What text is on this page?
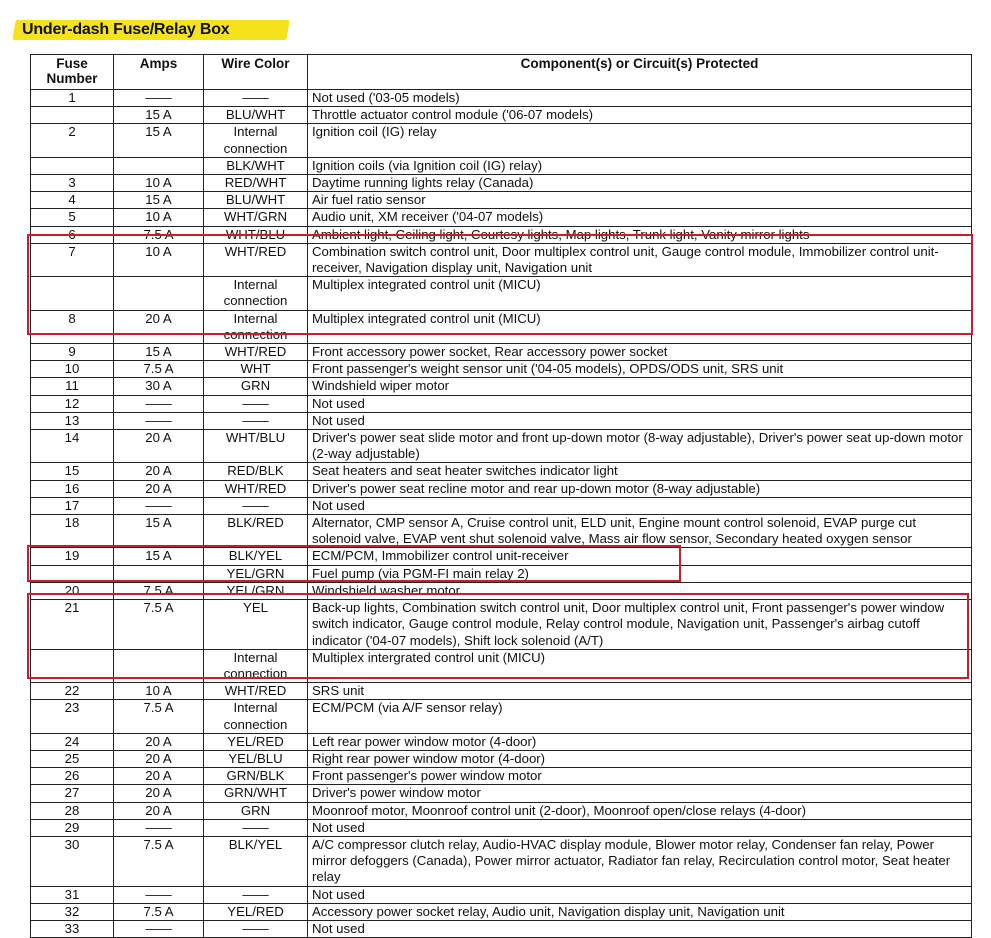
Under-dash Fuse/Relay Box
Fuse Number	Amps	Wire Color	Component(s) or Circuit(s) Protected
1	——	——	Not used ('03-05 models)
	15 A	BLU/WHT	Throttle actuator control module ('06-07 models)
2	15 A	Internal connection	Ignition coil (IG) relay
		BLK/WHT	Ignition coils (via Ignition coil (IG) relay)
3	10 A	RED/WHT	Daytime running lights relay (Canada)
4	15 A	BLU/WHT	Air fuel ratio sensor
5	10 A	WHT/GRN	Audio unit, XM receiver ('04-07 models)
6	7.5 A	WHT/BLU	Ambient light, Ceiling light, Courtesy lights, Map lights, Trunk light, Vanity mirror lights
7	10 A	WHT/RED	Combination switch control unit, Door multiplex control unit, Gauge control module, Immobilizer control unit-receiver, Navigation display unit, Navigation unit
		Internal connection	Multiplex integrated control unit (MICU)
8	20 A	Internal connection	Multiplex integrated control unit (MICU)
9	15 A	WHT/RED	Front accessory power socket, Rear accessory power socket
10	7.5 A	WHT	Front passenger's weight sensor unit ('04-05 models), OPDS/ODS unit, SRS unit
11	30 A	GRN	Windshield wiper motor
12	——	——	Not used
13	——	——	Not used
14	20 A	WHT/BLU	Driver's power seat slide motor and front up-down motor (8-way adjustable), Driver's power seat up-down motor (2-way adjustable)
15	20 A	RED/BLK	Seat heaters and seat heater switches indicator light
16	20 A	WHT/RED	Driver's power seat recline motor and rear up-down motor (8-way adjustable)
17	——	——	Not used
18	15 A	BLK/RED	Alternator, CMP sensor A, Cruise control unit, ELD unit, Engine mount control solenoid, EVAP purge cut solenoid valve, EVAP vent shut solenoid valve, Mass air flow sensor, Secondary heated oxygen sensor
19	15 A	BLK/YEL	ECM/PCM, Immobilizer control unit-receiver
		YEL/GRN	Fuel pump (via PGM-FI main relay 2)
20	7.5 A	YEL/GRN	Windshield washer motor
21	7.5 A	YEL	Back-up lights, Combination switch control unit, Door multiplex control unit, Front passenger's power window switch indicator, Gauge control module, Relay control module, Navigation unit, Passenger's airbag cutoff indicator ('04-07 models), Shift lock solenoid (A/T)
		Internal connection	Multiplex intergrated control unit (MICU)
22	10 A	WHT/RED	SRS unit
23	7.5 A	Internal connection	ECM/PCM (via A/F sensor relay)
24	20 A	YEL/RED	Left rear power window motor (4-door)
25	20 A	YEL/BLU	Right rear power window motor (4-door)
26	20 A	GRN/BLK	Front passenger's power window motor
27	20 A	GRN/WHT	Driver's power window motor
28	20 A	GRN	Moonroof motor, Moonroof control unit (2-door), Moonroof open/close relays (4-door)
29	——	——	Not used
30	7.5 A	BLK/YEL	A/C compressor clutch relay, Audio-HVAC display module, Blower motor relay, Condenser fan relay, Power mirror defoggers (Canada), Power mirror actuator, Radiator fan relay, Recirculation control motor, Seat heater relay
31	——	——	Not used
32	7.5 A	YEL/RED	Accessory power socket relay, Audio unit, Navigation display unit, Navigation unit
33	——	——	Not used
